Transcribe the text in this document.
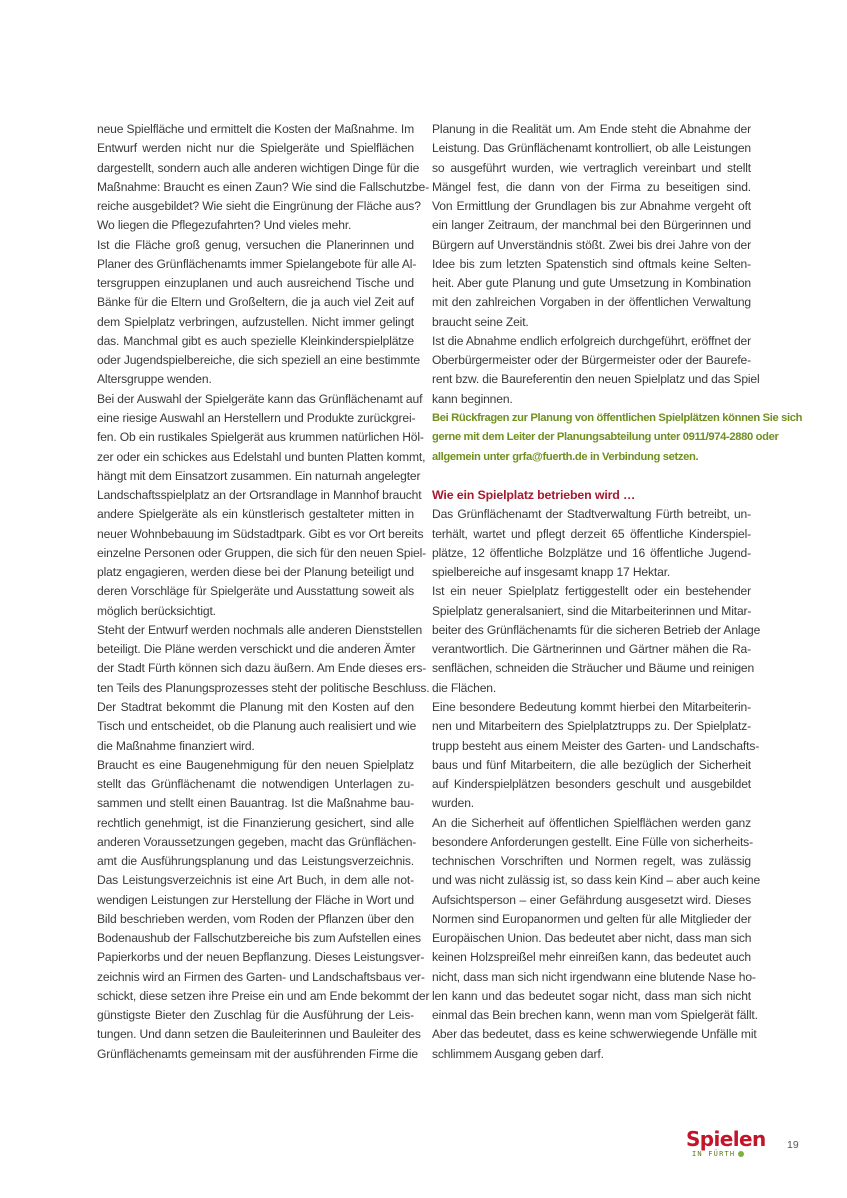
neue Spielfläche und ermittelt die Kosten der Maßnahme. Im
Entwurf werden nicht nur die Spielgeräte und Spielflächen
dargestellt, sondern auch alle anderen wichtigen Dinge für die
Maßnahme: Braucht es einen Zaun? Wie sind die Fallschutzbe-
reiche ausgebildet? Wie sieht die Eingrünung der Fläche aus?
Wo liegen die Pflegezufahrten? Und vieles mehr.
Ist die Fläche groß genug, versuchen die Planerinnen und
Planer des Grünflächenamts immer Spielangebote für alle Al-
tersgruppen einzuplanen und auch ausreichend Tische und
Bänke für die Eltern und Großeltern, die ja auch viel Zeit auf
dem Spielplatz verbringen, aufzustellen. Nicht immer gelingt
das. Manchmal gibt es auch spezielle Kleinkinderspielplätze
oder Jugendspielbereiche, die sich speziell an eine bestimmte
Altersgruppe wenden.
Bei der Auswahl der Spielgeräte kann das Grünflächenamt auf
eine riesige Auswahl an Herstellern und Produkte zurückgrei-
fen. Ob ein rustikales Spielgerät aus krummen natürlichen Höl-
zer oder ein schickes aus Edelstahl und bunten Platten kommt,
hängt mit dem Einsatzort zusammen. Ein naturnah angelegter
Landschaftsspielplatz an der Ortsrandlage in Mannhof braucht
andere Spielgeräte als ein künstlerisch gestalteter mitten in
neuer Wohnbebauung im Südstadtpark. Gibt es vor Ort bereits
einzelne Personen oder Gruppen, die sich für den neuen Spiel-
platz engagieren, werden diese bei der Planung beteiligt und
deren Vorschläge für Spielgeräte und Ausstattung soweit als
möglich berücksichtigt.
Steht der Entwurf werden nochmals alle anderen Dienststellen
beteiligt. Die Pläne werden verschickt und die anderen Ämter
der Stadt Fürth können sich dazu äußern. Am Ende dieses ers-
ten Teils des Planungsprozesses steht der politische Beschluss.
Der Stadtrat bekommt die Planung mit den Kosten auf den
Tisch und entscheidet, ob die Planung auch realisiert und wie
die Maßnahme finanziert wird.
Braucht es eine Baugenehmigung für den neuen Spielplatz
stellt das Grünflächenamt die notwendigen Unterlagen zu-
sammen und stellt einen Bauantrag. Ist die Maßnahme bau-
rechtlich genehmigt, ist die Finanzierung gesichert, sind alle
anderen Voraussetzungen gegeben, macht das Grünflächen-
amt die Ausführungsplanung und das Leistungsverzeichnis.
Das Leistungsverzeichnis ist eine Art Buch, in dem alle not-
wendigen Leistungen zur Herstellung der Fläche in Wort und
Bild beschrieben werden, vom Roden der Pflanzen über den
Bodenaushub der Fallschutzbereiche bis zum Aufstellen eines
Papierkorbs und der neuen Bepflanzung. Dieses Leistungsver-
zeichnis wird an Firmen des Garten- und Landschaftsbaus ver-
schickt, diese setzen ihre Preise ein und am Ende bekommt der
günstigste Bieter den Zuschlag für die Ausführung der Leis-
tungen. Und dann setzen die Bauleiterinnen und Bauleiter des
Grünflächenamts gemeinsam mit der ausführenden Firme die
Planung in die Realität um. Am Ende steht die Abnahme der
Leistung. Das Grünflächenamt kontrolliert, ob alle Leistungen
so ausgeführt wurden, wie vertraglich vereinbart und stellt
Mängel fest, die dann von der Firma zu beseitigen sind.
Von Ermittlung der Grundlagen bis zur Abnahme vergeht oft
ein langer Zeitraum, der manchmal bei den Bürgerinnen und
Bürgern auf Unverständnis stößt. Zwei bis drei Jahre von der
Idee bis zum letzten Spatenstich sind oftmals keine Selten-
heit. Aber gute Planung und gute Umsetzung in Kombination
mit den zahlreichen Vorgaben in der öffentlichen Verwaltung
braucht seine Zeit.
Ist die Abnahme endlich erfolgreich durchgeführt, eröffnet der
Oberbürgermeister oder der Bürgermeister oder der Baurefe-
rent bzw. die Baureferentin den neuen Spielplatz und das Spiel
kann beginnen.
Bei Rückfragen zur Planung von öffentlichen Spielplätzen können Sie sich
gerne mit dem Leiter der Planungsabteilung unter 0911/974-2880 oder
allgemein unter grfa@fuerth.de in Verbindung setzen.
Wie ein Spielplatz betrieben wird …
Das Grünflächenamt der Stadtverwaltung Fürth betreibt, un-
terhält, wartet und pflegt derzeit 65 öffentliche Kinderspiel-
plätze, 12 öffentliche Bolzplätze und 16 öffentliche Jugend-
spielbereiche auf insgesamt knapp 17 Hektar.
Ist ein neuer Spielplatz fertiggestellt oder ein bestehender
Spielplatz generalsaniert, sind die Mitarbeiterinnen und Mitar-
beiter des Grünflächenamts für die sicheren Betrieb der Anlage
verantwortlich. Die Gärtnerinnen und Gärtner mähen die Ra-
senflächen, schneiden die Sträucher und Bäume und reinigen
die Flächen.
Eine besondere Bedeutung kommt hierbei den Mitarbeiterin-
nen und Mitarbeitern des Spielplatztrupps zu. Der Spielplatz-
trupp besteht aus einem Meister des Garten- und Landschafts-
baus und fünf Mitarbeitern, die alle bezüglich der Sicherheit
auf Kinderspielplätzen besonders geschult und ausgebildet
wurden.
An die Sicherheit auf öffentlichen Spielflächen werden ganz
besondere Anforderungen gestellt. Eine Fülle von sicherheits-
technischen Vorschriften und Normen regelt, was zulässig
und was nicht zulässig ist, so dass kein Kind – aber auch keine
Aufsichtsperson – einer Gefährdung ausgesetzt wird. Dieses
Normen sind Europanormen und gelten für alle Mitglieder der
Europäischen Union. Das bedeutet aber nicht, dass man sich
keinen Holzspreißel mehr einreißen kann, das bedeutet auch
nicht, dass man sich nicht irgendwann eine blutende Nase ho-
len kann und das bedeutet sogar nicht, dass man sich nicht
einmal das Bein brechen kann, wenn man vom Spielgerät fällt.
Aber das bedeutet, dass es keine schwerwiegende Unfälle mit
schlimmem Ausgang geben darf.
Spielen
IN FÜRTH
19
